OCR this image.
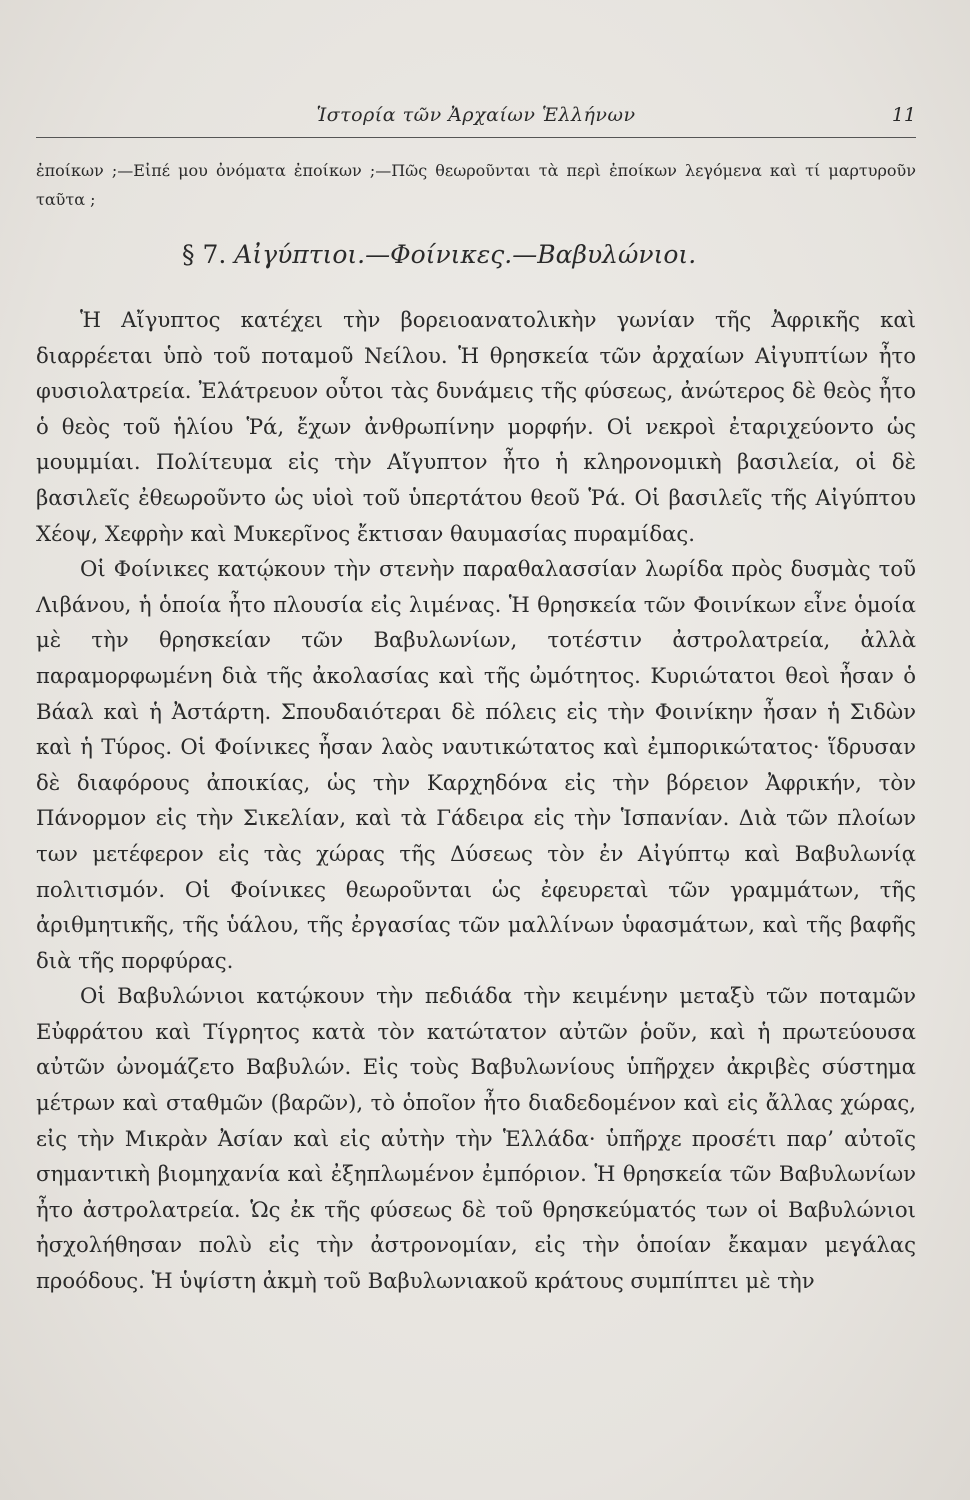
Ἱστορία τῶν Ἀρχαίων Ἑλλήνων	11
ἐποίκων ;—Εἰπέ μου ὀνόματα ἐποίκων ;—Πῶς θεωροῦνται τὰ περὶ ἐποίκων λεγόμενα καὶ τί μαρτυροῦν ταῦτα ;
§ 7. Αἰγύπτιοι.—Φοίνικες.—Βαβυλώνιοι.

Ἡ Αἴγυπτος κατέχει τὴν βορειοανατολικὴν γωνίαν τῆς Ἀφρικῆς καὶ διαρρέεται ὑπὸ τοῦ ποταμοῦ Νείλου. Ἡ θρησκεία τῶν ἀρχαίων Αἰγυπτίων ἦτο φυσιολατρεία. Ἐλάτρευον οὗτοι τὰς δυνάμεις τῆς φύσεως, ἀνώτερος δὲ θεὸς ἦτο ὁ θεὸς τοῦ ἡλίου Ῥά, ἔχων ἀνθρωπίνην μορφήν. Οἱ νεκροὶ ἐταριχεύοντο ὡς μουμμίαι. Πολίτευμα εἰς τὴν Αἴγυπτον ἦτο ἡ κληρονομικὴ βασιλεία, οἱ δὲ βασιλεῖς ἐθεωροῦντο ὡς υἱοὶ τοῦ ὑπερτάτου θεοῦ Ῥά. Οἱ βασιλεῖς τῆς Αἰγύπτου Χέοψ, Χεφρὴν καὶ Μυκερῖνος ἔκτισαν θαυμασίας πυραμίδας.

Οἱ Φοίνικες κατῴκουν τὴν στενὴν παραθαλασσίαν λωρίδα πρὸς δυσμὰς τοῦ Λιβάνου, ἡ ὁποία ἦτο πλουσία εἰς λιμένας. Ἡ θρησκεία τῶν Φοινίκων εἶνε ὁμοία μὲ τὴν θρησκείαν τῶν Βαβυλωνίων, τοτέστιν ἀστρολατρεία, ἀλλὰ παραμορφωμένη διὰ τῆς ἀκολασίας καὶ τῆς ὠμότητος. Κυριώτατοι θεοὶ ἦσαν ὁ Βάαλ καὶ ἡ Ἀστάρτη. Σπουδαιότεραι δὲ πόλεις εἰς τὴν Φοινίκην ἦσαν ἡ Σιδὼν καὶ ἡ Τύρος. Οἱ Φοίνικες ἦσαν λαὸς ναυτικώτατος καὶ ἐμπορικώτατος· ἵδρυσαν δὲ διαφόρους ἀποικίας, ὡς τὴν Καρχηδόνα εἰς τὴν βόρειον Ἀφρικήν, τὸν Πάνορμον εἰς τὴν Σικελίαν, καὶ τὰ Γάδειρα εἰς τὴν Ἱσπανίαν. Διὰ τῶν πλοίων των μετέφερον εἰς τὰς χώρας τῆς Δύσεως τὸν ἐν Αἰγύπτῳ καὶ Βαβυλωνίᾳ πολιτισμόν. Οἱ Φοίνικες θεωροῦνται ὡς ἐφευρεταὶ τῶν γραμμάτων, τῆς ἀριθμητικῆς, τῆς ὑάλου, τῆς ἐργασίας τῶν μαλλίνων ὑφασμάτων, καὶ τῆς βαφῆς διὰ τῆς πορφύρας.

Οἱ Βαβυλώνιοι κατῴκουν τὴν πεδιάδα τὴν κειμένην μεταξὺ τῶν ποταμῶν Εὐφράτου καὶ Τίγρητος κατὰ τὸν κατώτατον αὐτῶν ῥοῦν, καὶ ἡ πρωτεύουσα αὐτῶν ὠνομάζετο Βαβυλών. Εἰς τοὺς Βαβυλωνίους ὑπῆρχεν ἀκριβὲς σύστημα μέτρων καὶ σταθμῶν (βαρῶν), τὸ ὁποῖον ἦτο διαδεδομένον καὶ εἰς ἄλλας χώρας, εἰς τὴν Μικρὰν Ἀσίαν καὶ εἰς αὐτὴν τὴν Ἑλλάδα· ὑπῆρχε προσέτι παρ’ αὐτοῖς σημαντικὴ βιομηχανία καὶ ἐξηπλωμένον ἐμπόριον. Ἡ θρησκεία τῶν Βαβυλωνίων ἦτο ἀστρολατρεία. Ὡς ἐκ τῆς φύσεως δὲ τοῦ θρησκεύματός των οἱ Βαβυλώνιοι ἠσχολήθησαν πολὺ εἰς τὴν ἀστρονομίαν, εἰς τὴν ὁποίαν ἔκαμαν μεγάλας προόδους. Ἡ ὑψίστη ἀκμὴ τοῦ Βαβυλωνιακοῦ κράτους συμπίπτει μὲ τὴν
